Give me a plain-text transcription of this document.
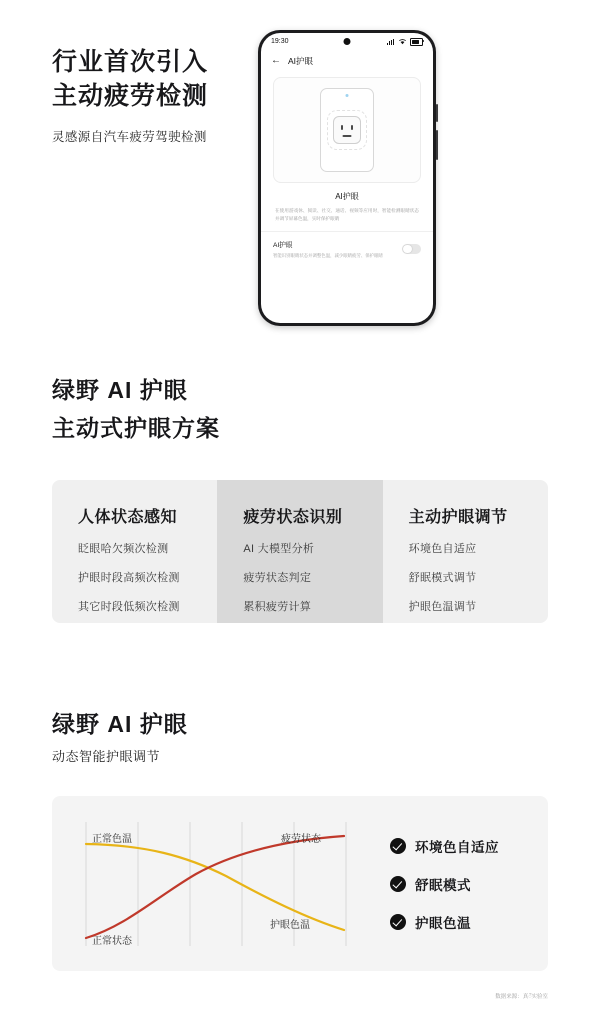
行业首次引入
主动疲劳检测
灵感源自汽车疲劳驾驶检测
19:30
← AI护眼
AI护眼
在使用游戏休、阅读、社交、通话、视频等应用时，智能检测眼睛状态并调节屏幕色温，实时保护眼睛
AI护眼
智能识别眼睛状态并调整色温，减少眼睛疲劳、保护眼睛
绿野 AI 护眼
主动式护眼方案
人体状态感知
眨眼哈欠频次检测
护眼时段高频次检测
其它时段低频次检测
疲劳状态识别
AI 大模型分析
疲劳状态判定
累积疲劳计算
主动护眼调节
环境色自适应
舒眠模式调节
护眼色温调节
绿野 AI 护眼
动态智能护眼调节
正常色温	疲劳状态
护眼色温
正常状态
环境色自适应
舒眠模式
护眼色温
数据来源：真ँ实验室
